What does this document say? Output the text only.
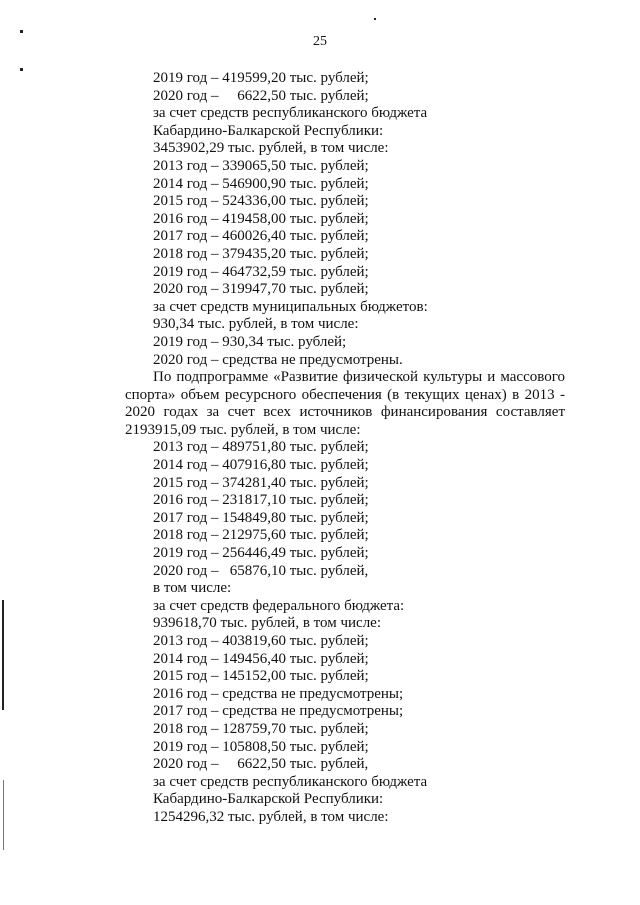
25
2019 год – 419599,20 тыс. рублей;
2020 год –     6622,50 тыс. рублей;
за счет средств республиканского бюджета
Кабардино-Балкарской Республики:
3453902,29 тыс. рублей, в том числе:
2013 год – 339065,50 тыс. рублей;
2014 год – 546900,90 тыс. рублей;
2015 год – 524336,00 тыс. рублей;
2016 год – 419458,00 тыс. рублей;
2017 год – 460026,40 тыс. рублей;
2018 год – 379435,20 тыс. рублей;
2019 год – 464732,59 тыс. рублей;
2020 год – 319947,70 тыс. рублей;
за счет средств муниципальных бюджетов:
930,34 тыс. рублей, в том числе:
2019 год – 930,34 тыс. рублей;
2020 год – средства не предусмотрены.
По подпрограмме «Развитие физической культуры и массового спорта» объем ресурсного обеспечения (в текущих ценах) в 2013 - 2020 годах за счет всех источников финансирования составляет 2193915,09 тыс. рублей, в том числе:
2013 год – 489751,80 тыс. рублей;
2014 год – 407916,80 тыс. рублей;
2015 год – 374281,40 тыс. рублей;
2016 год – 231817,10 тыс. рублей;
2017 год – 154849,80 тыс. рублей;
2018 год – 212975,60 тыс. рублей;
2019 год – 256446,49 тыс. рублей;
2020 год –   65876,10 тыс. рублей,
в том числе:
за счет средств федерального бюджета:
939618,70 тыс. рублей, в том числе:
2013 год – 403819,60 тыс. рублей;
2014 год – 149456,40 тыс. рублей;
2015 год – 145152,00 тыс. рублей;
2016 год – средства не предусмотрены;
2017 год – средства не предусмотрены;
2018 год – 128759,70 тыс. рублей;
2019 год – 105808,50 тыс. рублей;
2020 год –     6622,50 тыс. рублей,
за счет средств республиканского бюджета
Кабардино-Балкарской Республики:
1254296,32 тыс. рублей, в том числе:
